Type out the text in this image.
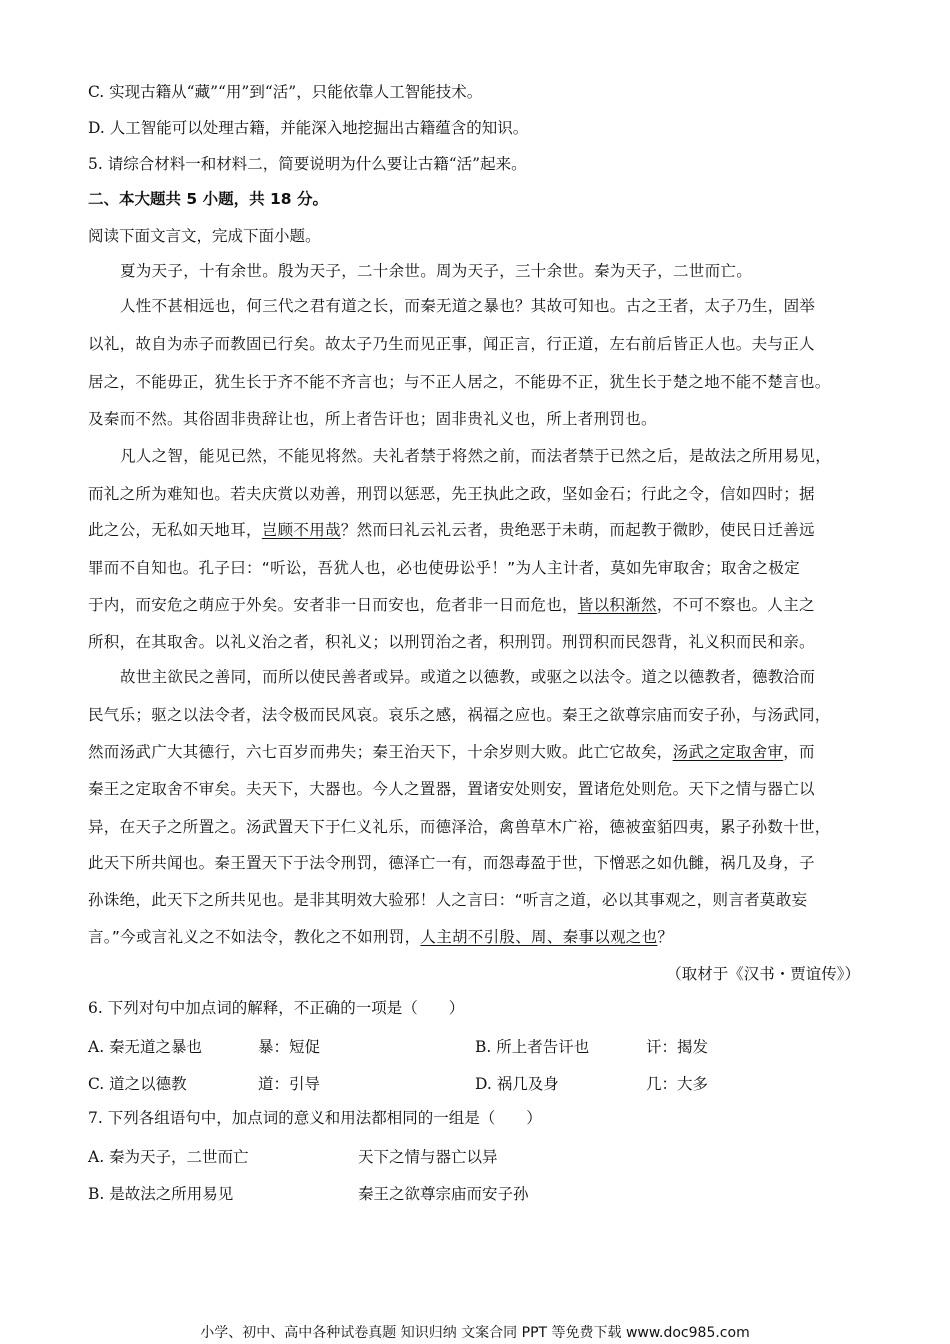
C. 实现古籍从“藏”“用”到“活”，只能依靠人工智能技术。
D. 人工智能可以处理古籍，并能深入地挖掘出古籍蕴含的知识。
5. 请综合材料一和材料二，简要说明为什么要让古籍“活”起来。
二、本大题共 5 小题，共 18 分。
阅读下面文言文，完成下面小题。
夏为天子，十有余世。殷为天子，二十余世。周为天子，三十余世。秦为天子，二世而亡。
人性不甚相远也，何三代之君有道之长，而秦无道之暴也？其故可知也。古之王者，太子乃生，固举
以礼，故自为赤子而教固已行矣。故太子乃生而见正事，闻正言，行正道，左右前后皆正人也。夫与正人
居之，不能毋正，犹生长于齐不能不齐言也；与不正人居之，不能毋不正，犹生长于楚之地不能不楚言也。
及秦而不然。其俗固非贵辞让也，所上者告讦也；固非贵礼义也，所上者刑罚也。
凡人之智，能见已然，不能见将然。夫礼者禁于将然之前，而法者禁于已然之后，是故法之所用易见，
而礼之所为难知也。若夫庆赏以劝善，刑罚以惩恶，先王执此之政，坚如金石；行此之令，信如四时；据
此之公，无私如天地耳，岂顾不用哉？然而曰礼云礼云者，贵绝恶于未萌，而起教于微眇，使民日迁善远
罪而不自知也。孔子曰：“听讼，吾犹人也，必也使毋讼乎！”为人主计者，莫如先审取舍；取舍之极定
于内，而安危之萌应于外矣。安者非一日而安也，危者非一日而危也，皆以积渐然，不可不察也。人主之
所积，在其取舍。以礼义治之者，积礼义；以刑罚治之者，积刑罚。刑罚积而民怨背，礼义积而民和亲。
故世主欲民之善同，而所以使民善者或异。或道之以德教，或驱之以法令。道之以德教者，德教洽而
民气乐；驱之以法令者，法令极而民风哀。哀乐之感，祸福之应也。秦王之欲尊宗庙而安子孙，与汤武同，
然而汤武广大其德行，六七百岁而弗失；秦王治天下，十余岁则大败。此亡它故矣，汤武之定取舍审，而
秦王之定取舍不审矣。夫天下，大器也。今人之置器，置诸安处则安，置诸危处则危。天下之情与器亡以
异，在天子之所置之。汤武置天下于仁义礼乐，而德泽洽，禽兽草木广裕，德被蛮貊四夷，累子孙数十世，
此天下所共闻也。秦王置天下于法令刑罚，德泽亡一有，而怨毒盈于世，下憎恶之如仇雠，祸几及身，子
孙诛绝，此天下之所共见也。是非其明效大验邪！人之言曰：“听言之道，必以其事观之，则言者莫敢妄
言。”今或言礼义之不如法令，教化之不如刑罚，人主胡不引殷、周、秦事以观之也？
（取材于《汉书・贾谊传》）
6. 下列对句中加点词的解释，不正确的一项是（　　）
A. 秦无道之暴也	暴：短促	B. 所上者告讦也	讦：揭发
C. 道之以德教	道：引导	D. 祸几及身	几：大多
7. 下列各组语句中，加点词的意义和用法都相同的一组是（　　）
A. 秦为天子，二世而亡	天下之情与器亡以异
B. 是故法之所用易见	秦王之欲尊宗庙而安子孙
小学、初中、高中各种试卷真题 知识归纳 文案合同 PPT 等免费下载 www.doc985.com
